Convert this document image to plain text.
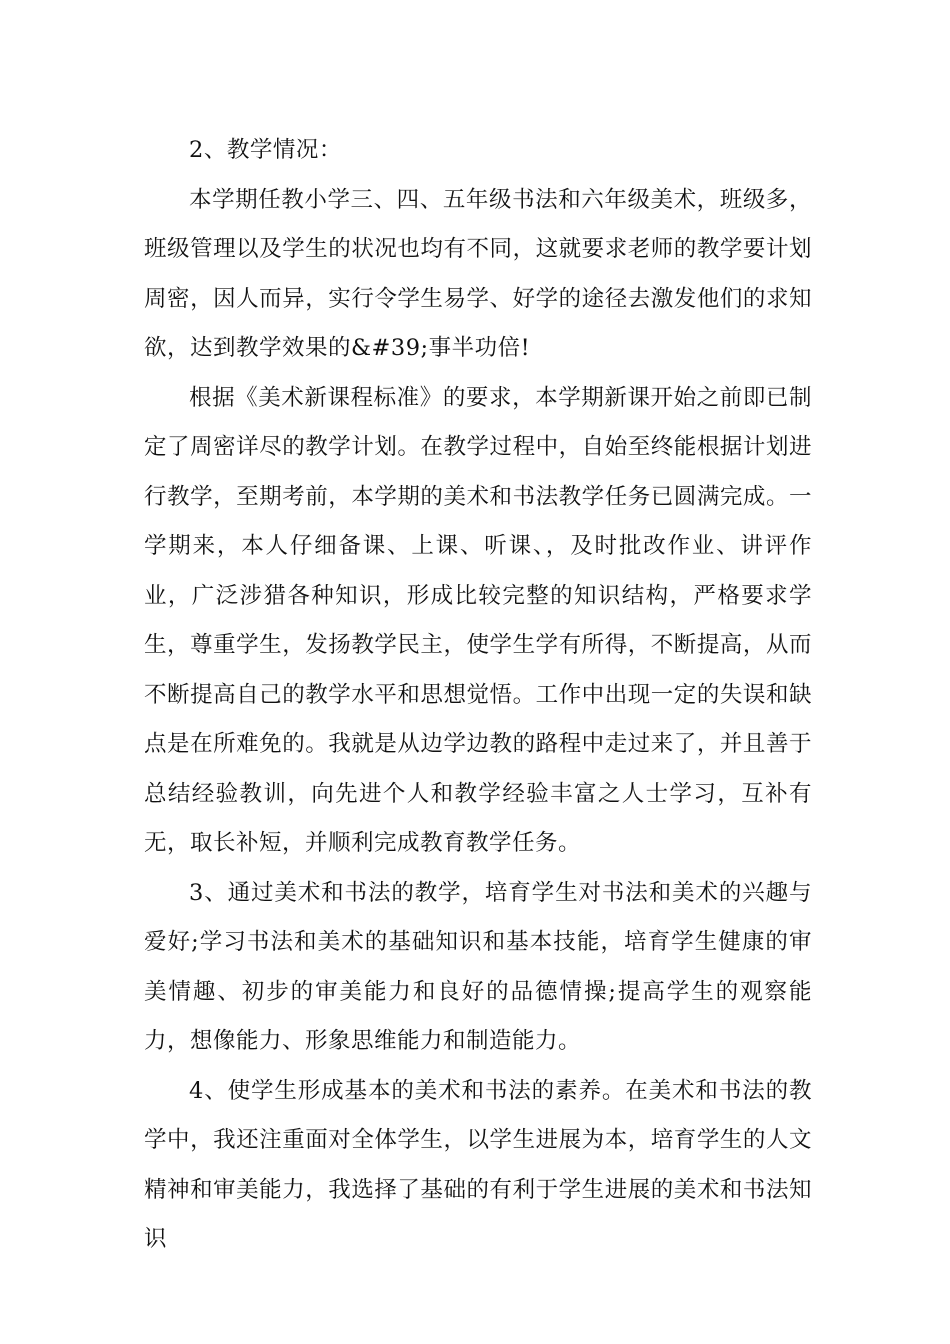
2、教学情况：

本学期任教小学三、四、五年级书法和六年级美术，班级多，班级管理以及学生的状况也均有不同，这就要求老师的教学要计划周密，因人而异，实行令学生易学、好学的途径去激发他们的求知欲，达到教学效果的&#39;事半功倍!

根据《美术新课程标准》的要求，本学期新课开始之前即已制定了周密详尽的教学计划。在教学过程中，自始至终能根据计划进行教学，至期考前，本学期的美术和书法教学任务已圆满完成。一学期来，本人仔细备课、上课、听课、，及时批改作业、讲评作业，广泛涉猎各种知识，形成比较完整的知识结构，严格要求学生，尊重学生，发扬教学民主，使学生学有所得，不断提高，从而不断提高自己的教学水平和思想觉悟。工作中出现一定的失误和缺点是在所难免的。我就是从边学边教的路程中走过来了，并且善于总结经验教训，向先进个人和教学经验丰富之人士学习，互补有无，取长补短，并顺利完成教育教学任务。

3、通过美术和书法的教学，培育学生对书法和美术的兴趣与爱好;学习书法和美术的基础知识和基本技能，培育学生健康的审美情趣、初步的审美能力和良好的品德情操;提高学生的观察能力，想像能力、形象思维能力和制造能力。

4、使学生形成基本的美术和书法的素养。在美术和书法的教学中，我还注重面对全体学生，以学生进展为本，培育学生的人文精神和审美能力，我选择了基础的有利于学生进展的美术和书法知识
